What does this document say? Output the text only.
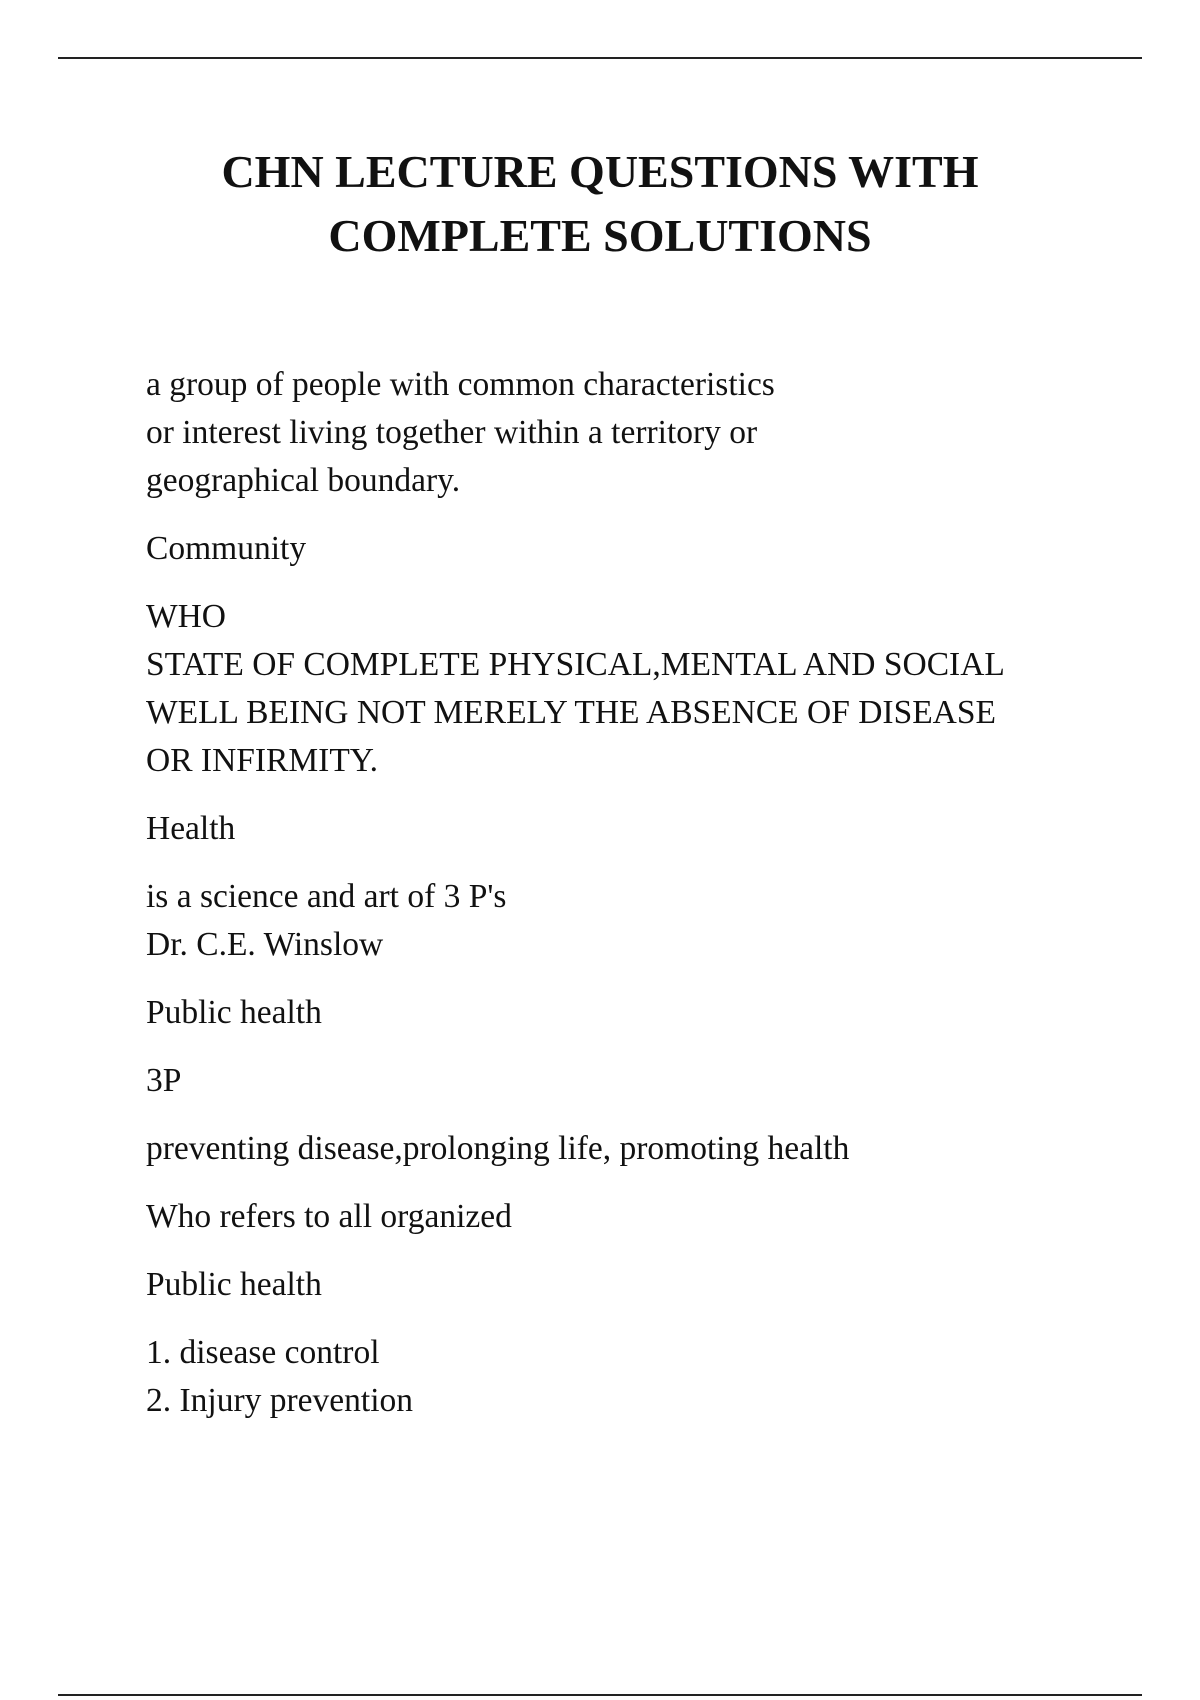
CHN LECTURE QUESTIONS WITH
COMPLETE SOLUTIONS
a group of people with common characteristics
or interest living together within a territory or
geographical boundary.
Community
WHO
STATE OF COMPLETE PHYSICAL,MENTAL AND SOCIAL
WELL BEING NOT MERELY THE ABSENCE OF DISEASE
OR INFIRMITY.
Health
is a science and art of 3 P's
Dr. C.E. Winslow
Public health
3P
preventing disease,prolonging life, promoting health
Who refers to all organized
Public health
1. disease control
2. Injury prevention
